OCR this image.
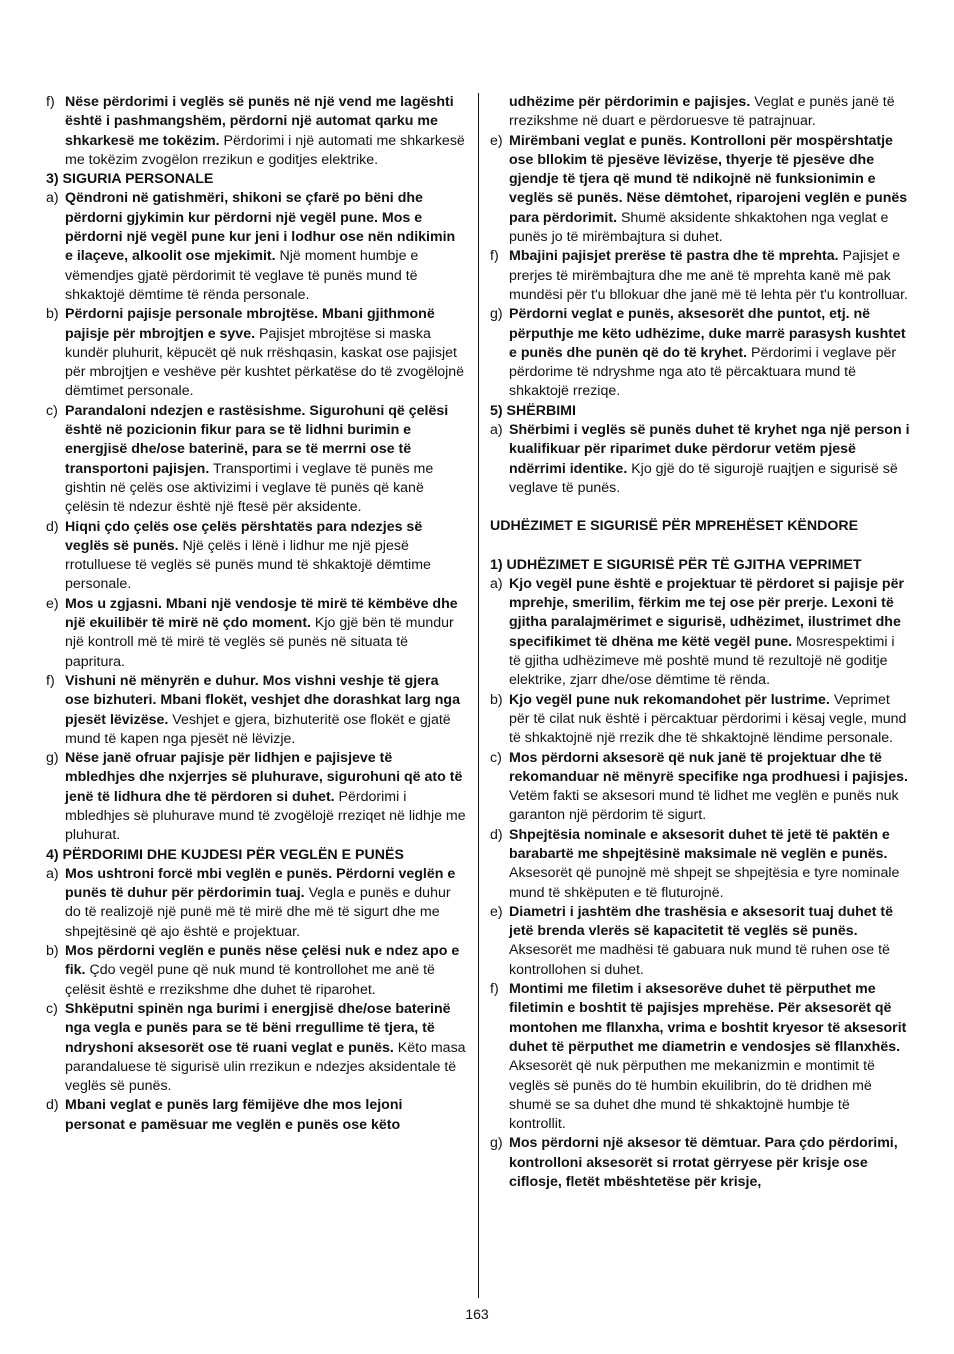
f) Nëse përdorimi i veglës së punës në një vend me lagështi është i pashmangshëm, përdorni një automat qarku me shkarkesë me tokëzim. Përdorimi i një automati me shkarkesë me tokëzim zvogëlon rrezikun e goditjes elektrike.
3) SIGURIA PERSONALE
a) Qëndroni në gatishmëri, shikoni se çfarë po bëni dhe përdorni gjykimin kur përdorni një vegël pune. Mos e përdorni një vegël pune kur jeni i lodhur ose nën ndikimin e ilaçeve, alkoolit ose mjekimit. Një moment humbje e vëmendjes gjatë përdorimit të veglave të punës mund të shkaktojë dëmtime të rënda personale.
b) Përdorni pajisje personale mbrojtëse. Mbani gjithmonë pajisje për mbrojtjen e syve. Pajisjet mbrojtëse si maska kundër pluhurit, këpucët që nuk rrëshqasin, kaskat ose pajisjet për mbrojtjen e veshëve për kushtet përkatëse do të zvogëlojnë dëmtimet personale.
c) Parandaloni ndezjen e rastësishme. Sigurohuni që çelësi është në pozicionin fikur para se të lidhni burimin e energjisë dhe/ose baterinë, para se të merrni ose të transportoni pajisjen. Transportimi i veglave të punës me gishtin në çelës ose aktivizimi i veglave të punës që kanë çelësin të ndezur është një ftesë për aksidente.
d) Hiqni çdo çelës ose çelës përshtatës para ndezjes së veglës së punës. Një çelës i lënë i lidhur me një pjesë rrotulluese të veglës së punës mund të shkaktojë dëmtime personale.
e) Mos u zgjasni. Mbani një vendosje të mirë të këmbëve dhe një ekuilibër të mirë në çdo moment. Kjo gjë bën të mundur një kontroll më të mirë të veglës së punës në situata të papritura.
f) Vishuni në mënyrën e duhur. Mos vishni veshje të gjera ose bizhuteri. Mbani flokët, veshjet dhe dorashkat larg nga pjesët lëvizëse. Veshjet e gjera, bizhuteritë ose flokët e gjatë mund të kapen nga pjesët në lëvizje.
g) Nëse janë ofruar pajisje për lidhjen e pajisjeve të mbledhjes dhe nxjerrjes së pluhurave, sigurohuni që ato të jenë të lidhura dhe të përdoren si duhet. Përdorimi i mbledhjes së pluhurave mund të zvogëlojë rreziqet në lidhje me pluhurat.
4) PËRDORIMI DHE KUJDESI PËR VEGLËN E PUNËS
a) Mos ushtroni forcë mbi veglën e punës. Përdorni veglën e punës të duhur për përdorimin tuaj. Vegla e punës e duhur do të realizojë një punë më të mirë dhe më të sigurt dhe me shpejtësinë që ajo është e projektuar.
b) Mos përdorni veglën e punës nëse çelësi nuk e ndez apo e fik. Çdo vegël pune që nuk mund të kontrollohet me anë të çelësit është e rrezikshme dhe duhet të riparohet.
c) Shkëputni spinën nga burimi i energjisë dhe/ose baterinë nga vegla e punës para se të bëni rregullime të tjera, të ndryshoni aksesorët ose të ruani veglat e punës. Këto masa parandaluese të sigurisë ulin rrezikun e ndezjes aksidentale të veglës së punës.
d) Mbani veglat e punës larg fëmijëve dhe mos lejoni personat e pamësuar me veglën e punës ose këto
udhëzime për përdorimin e pajisjes. Veglat e punës janë të rrezikshme në duart e përdoruesve të patrajnuar.
e) Mirëmbani veglat e punës. Kontrolloni për mospërshtatje ose bllokim të pjesëve lëvizëse, thyerje të pjesëve dhe gjendje të tjera që mund të ndikojnë në funksionimin e veglës së punës. Nëse dëmtohet, riparojeni veglën e punës para përdorimit. Shumë aksidente shkaktohen nga veglat e punës jo të mirëmbajtura si duhet.
f) Mbajini pajisjet prerëse të pastra dhe të mprehta. Pajisjet e prerjes të mirëmbajtura dhe me anë të mprehta kanë më pak mundësi për t'u bllokuar dhe janë më të lehta për t'u kontrolluar.
g) Përdorni veglat e punës, aksesorët dhe puntot, etj. në përputhje me këto udhëzime, duke marrë parasysh kushtet e punës dhe punën që do të kryhet. Përdorimi i veglave për përdorime të ndryshme nga ato të përcaktuara mund të shkaktojë rreziqe.
5) SHËRBIMI
a) Shërbimi i veglës së punës duhet të kryhet nga një person i kualifikuar për riparimet duke përdorur vetëm pjesë ndërrimi identike. Kjo gjë do të sigurojë ruajtjen e sigurisë së veglave të punës.
UDHËZIMET E SIGURISË PËR MPREHËSET KËNDORE
1) UDHËZIMET E SIGURISË PËR TË GJITHA VEPRIMET
a) Kjo vegël pune është e projektuar të përdoret si pajisje për mprehje, smerilim, fërkim me tej ose për prerje. Lexoni të gjitha paralajmërimet e sigurisë, udhëzimet, ilustrimet dhe specifikimet të dhëna me këtë vegël pune. Mosrespektimi i të gjitha udhëzimeve më poshtë mund të rezultojë në goditje elektrike, zjarr dhe/ose dëmtime të rënda.
b) Kjo vegël pune nuk rekomandohet për lustrime. Veprimet për të cilat nuk është i përcaktuar përdorimi i kësaj vegle, mund të shkaktojnë një rrezik dhe të shkaktojnë lëndime personale.
c) Mos përdorni aksesorë që nuk janë të projektuar dhe të rekomanduar në mënyrë specifike nga prodhuesi i pajisjes. Vetëm fakti se aksesori mund të lidhet me veglën e punës nuk garanton një përdorim të sigurt.
d) Shpejtësia nominale e aksesorit duhet të jetë të paktën e barabartë me shpejtësinë maksimale në veglën e punës. Aksesorët që punojnë më shpejt se shpejtësia e tyre nominale mund të shkëputen e të fluturojnë.
e) Diametri i jashtëm dhe trashësia e aksesorit tuaj duhet të jetë brenda vlerës së kapacitetit të veglës së punës. Aksesorët me madhësi të gabuara nuk mund të ruhen ose të kontrollohen si duhet.
f) Montimi me filetim i aksesorëve duhet të përputhet me filetimin e boshtit të pajisjes mprehëse. Për aksesorët që montohen me fllanxha, vrima e boshtit kryesor të aksesorit duhet të përputhet me diametrin e vendosjes së fllanxhës. Aksesorët që nuk përputhen me mekanizmin e montimit të veglës së punës do të humbin ekuilibrin, do të dridhen më shumë se sa duhet dhe mund të shkaktojnë humbje të kontrollit.
g) Mos përdorni një aksesor të dëmtuar. Para çdo përdorimi, kontrolloni aksesorët si rrotat gërryese për krisje ose ciflosje, fletët mbështetëse për krisje,
163
